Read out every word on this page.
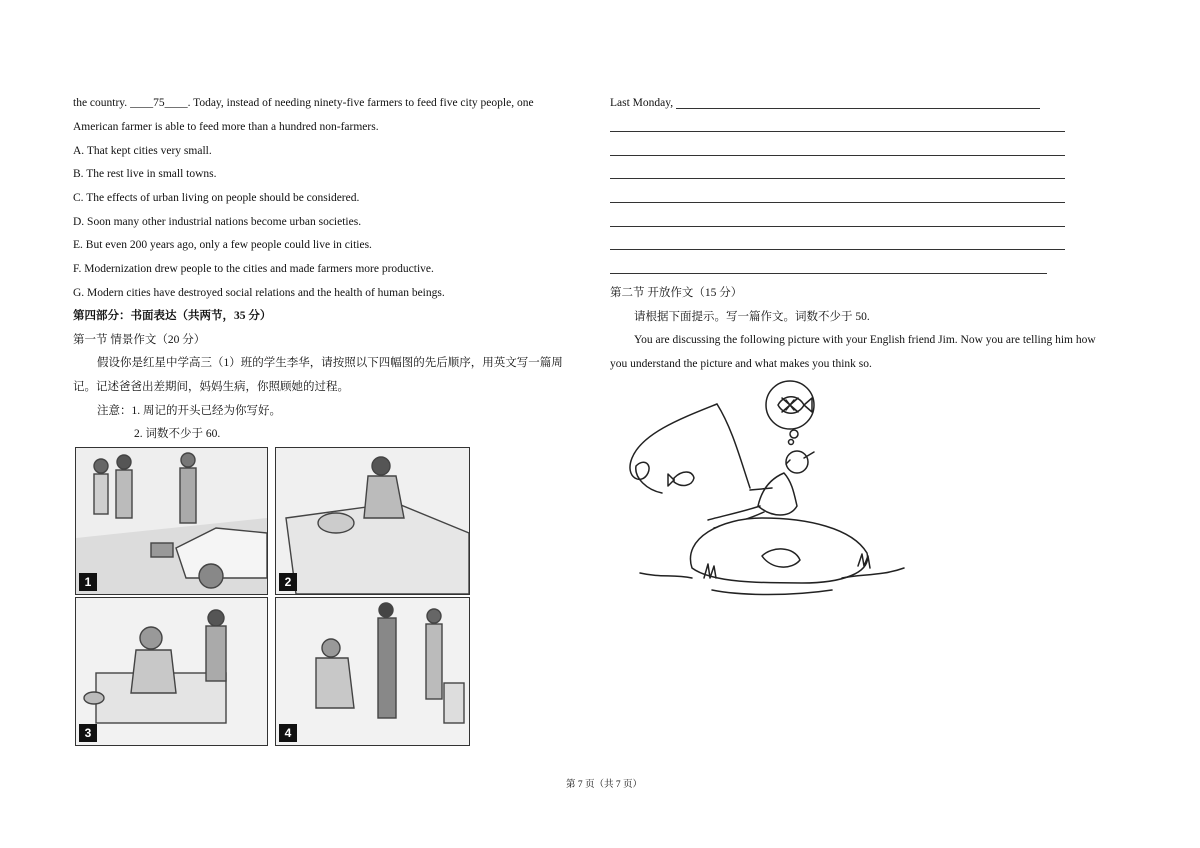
the country. ____75____. Today, instead of needing ninety-five farmers to feed five city people, one
American farmer is able to feed more than a hundred non-farmers.
A. That kept cities very small.
B. The rest live in small towns.
C. The effects of urban living on people should be considered.
D. Soon many other industrial nations become urban societies.
E. But even 200 years ago, only a few people could live in cities.
F. Modernization drew people to the cities and made farmers more productive.
G. Modern cities have destroyed social relations and the health of human beings.
第四部分：书面表达（共两节，35 分）
第一节 情景作文（20 分）
假设你是红星中学高三（1）班的学生李华，请按照以下四幅图的先后顺序，用英文写一篇周
记。记述爸爸出差期间，妈妈生病，你照顾她的过程。
注意：1. 周记的开头已经为你写好。
2. 词数不少于 60.
1	2
3	4
Last Monday,
第二节 开放作文（15 分）
请根据下面提示。写一篇作文。词数不少于 50.
You are discussing the following picture with your English friend Jim. Now you are telling him how
you understand the picture and what makes you think so.
第 7 页（共 7 页）
